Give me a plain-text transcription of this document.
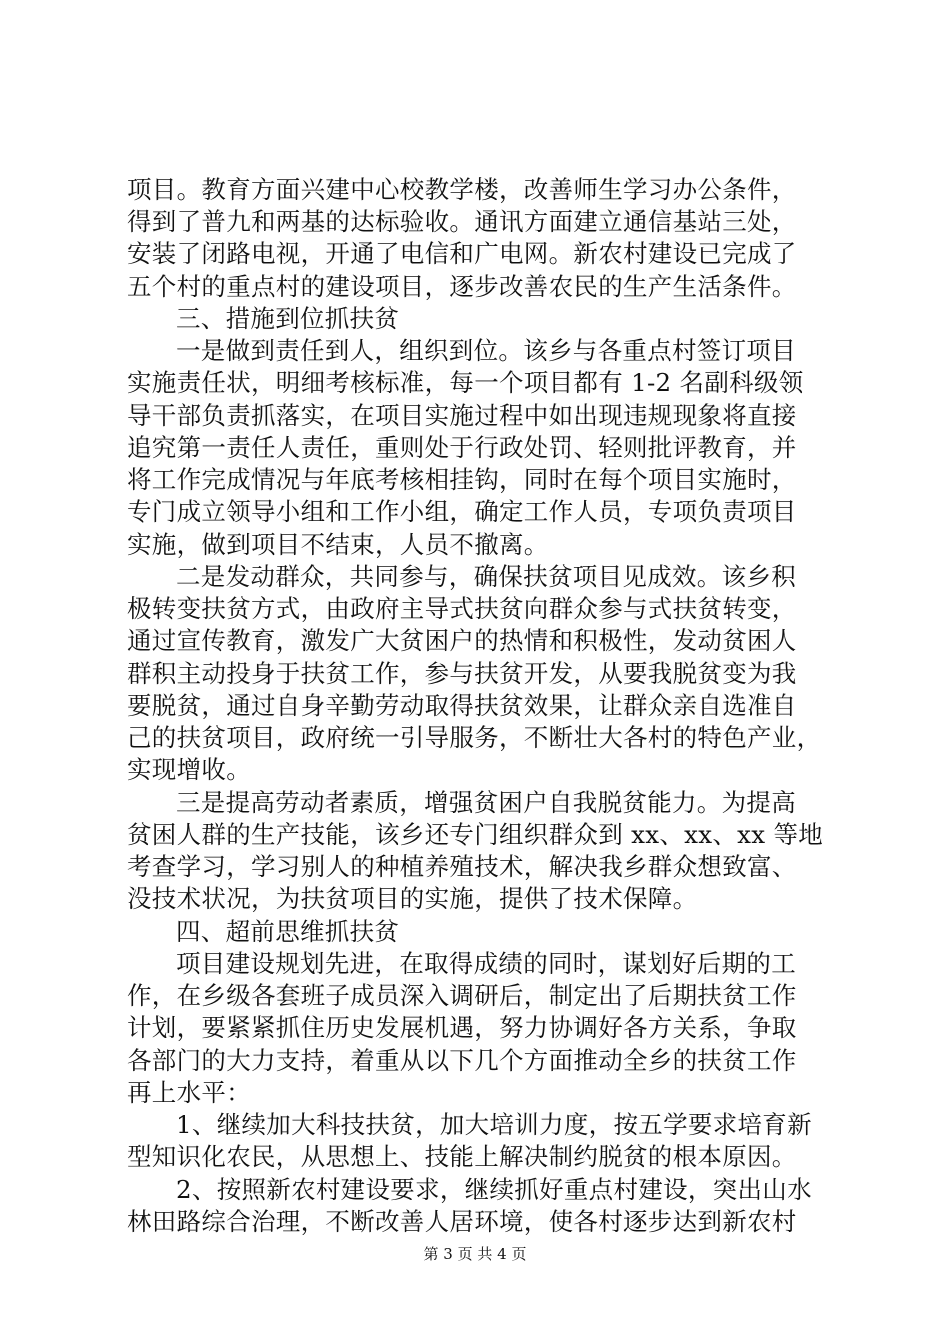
项目。教育方面兴建中心校教学楼，改善师生学习办公条件，
得到了普九和两基的达标验收。通讯方面建立通信基站三处，
安装了闭路电视，开通了电信和广电网。新农村建设已完成了
五个村的重点村的建设项目，逐步改善农民的生产生活条件。
三、措施到位抓扶贫
一是做到责任到人，组织到位。该乡与各重点村签订项目
实施责任状，明细考核标准，每一个项目都有 1-2 名副科级领
导干部负责抓落实，在项目实施过程中如出现违规现象将直接
追究第一责任人责任，重则处于行政处罚、轻则批评教育，并
将工作完成情况与年底考核相挂钩，同时在每个项目实施时，
专门成立领导小组和工作小组，确定工作人员，专项负责项目
实施，做到项目不结束，人员不撤离。
二是发动群众，共同参与，确保扶贫项目见成效。该乡积
极转变扶贫方式，由政府主导式扶贫向群众参与式扶贫转变，
通过宣传教育，激发广大贫困户的热情和积极性，发动贫困人
群积主动投身于扶贫工作，参与扶贫开发，从要我脱贫变为我
要脱贫，通过自身辛勤劳动取得扶贫效果，让群众亲自选准自
己的扶贫项目，政府统一引导服务，不断壮大各村的特色产业，
实现增收。
三是提高劳动者素质，增强贫困户自我脱贫能力。为提高
贫困人群的生产技能，该乡还专门组织群众到 xx、xx、xx 等地
考查学习，学习别人的种植养殖技术，解决我乡群众想致富、
没技术状况，为扶贫项目的实施，提供了技术保障。
四、超前思维抓扶贫
项目建设规划先进，在取得成绩的同时，谋划好后期的工
作，在乡级各套班子成员深入调研后，制定出了后期扶贫工作
计划，要紧紧抓住历史发展机遇，努力协调好各方关系，争取
各部门的大力支持，着重从以下几个方面推动全乡的扶贫工作
再上水平：
1、继续加大科技扶贫，加大培训力度，按五学要求培育新
型知识化农民，从思想上、技能上解决制约脱贫的根本原因。
2、按照新农村建设要求，继续抓好重点村建设，突出山水
林田路综合治理，不断改善人居环境，使各村逐步达到新农村
第 3 页 共 4 页
